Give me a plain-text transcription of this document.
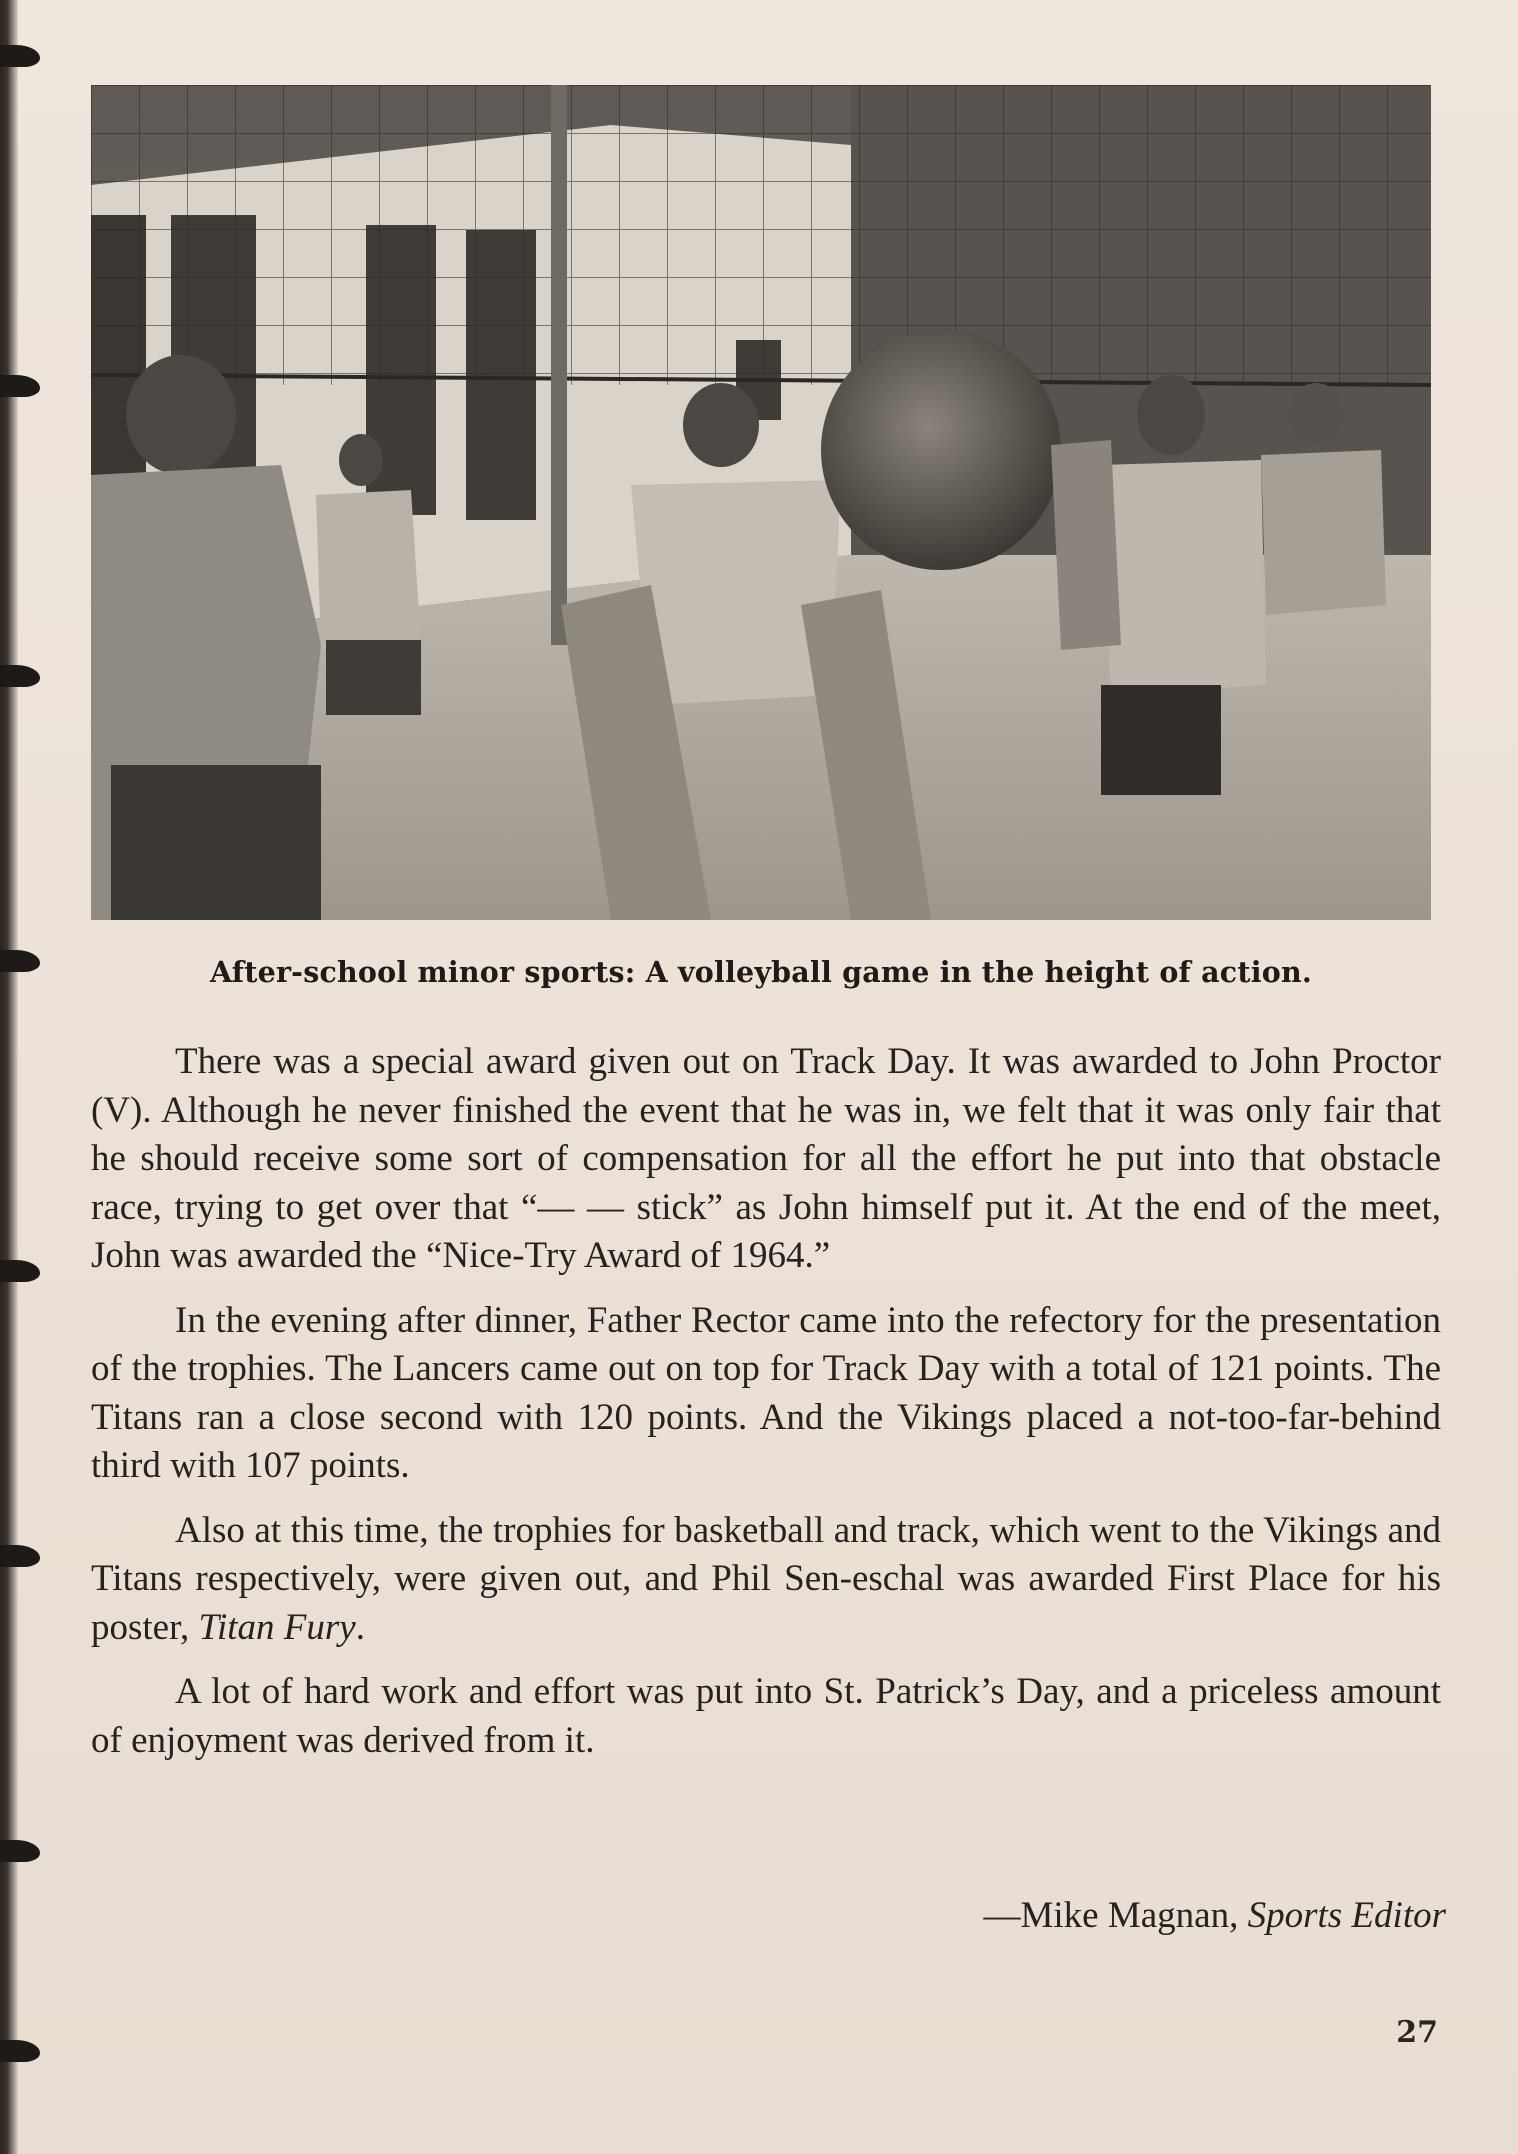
After-school minor sports: A volleyball game in the height of action.

There was a special award given out on Track Day. It was awarded to John Proctor (V). Although he never finished the event that he was in, we felt that it was only fair that he should receive some sort of compensation for all the effort he put into that obstacle race, trying to get over that “— — stick” as John himself put it. At the end of the meet, John was awarded the “Nice-Try Award of 1964.”

In the evening after dinner, Father Rector came into the refectory for the presentation of the trophies. The Lancers came out on top for Track Day with a total of 121 points. The Titans ran a close second with 120 points. And the Vikings placed a not-too-far-behind third with 107 points.

Also at this time, the trophies for basketball and track, which went to the Vikings and Titans respectively, were given out, and Phil Sen-eschal was awarded First Place for his poster, Titan Fury.

A lot of hard work and effort was put into St. Patrick’s Day, and a priceless amount of enjoyment was derived from it.

—Mike Magnan, Sports Editor
27
